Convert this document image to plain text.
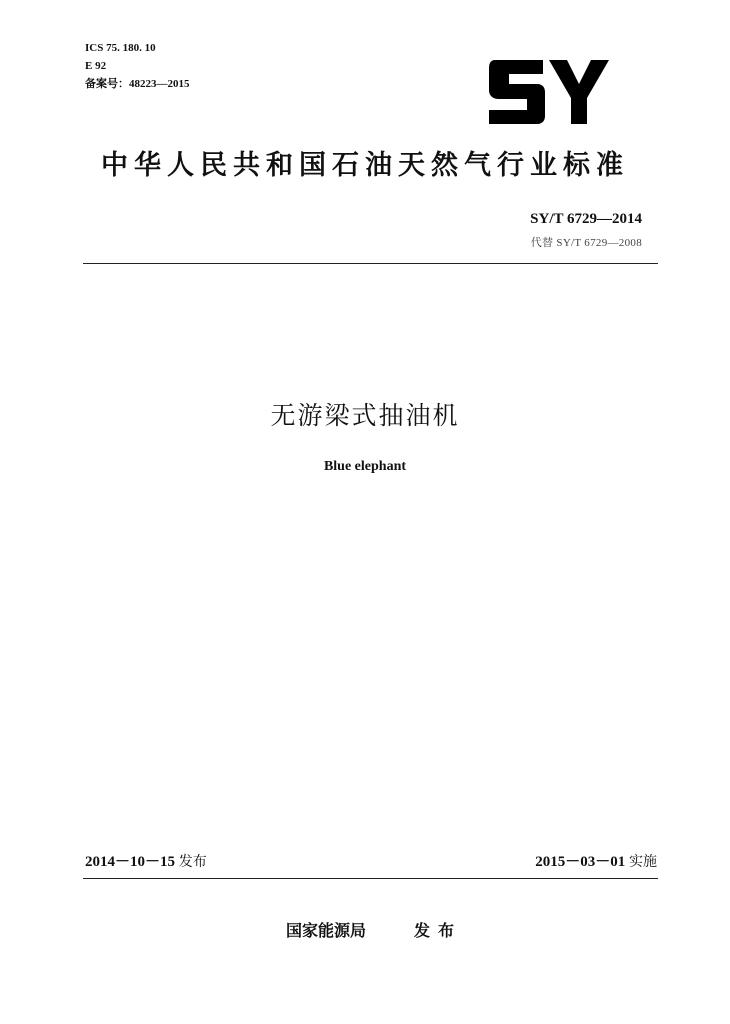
ICS 75. 180. 10
E 92
备案号：48223—2015
中华人民共和国石油天然气行业标准
SY/T 6729—2014
代替 SY/T 6729—2008
无游梁式抽油机
Blue elephant
2014－10－15 发布	2015－03－01 实施
国家能源局	发布
